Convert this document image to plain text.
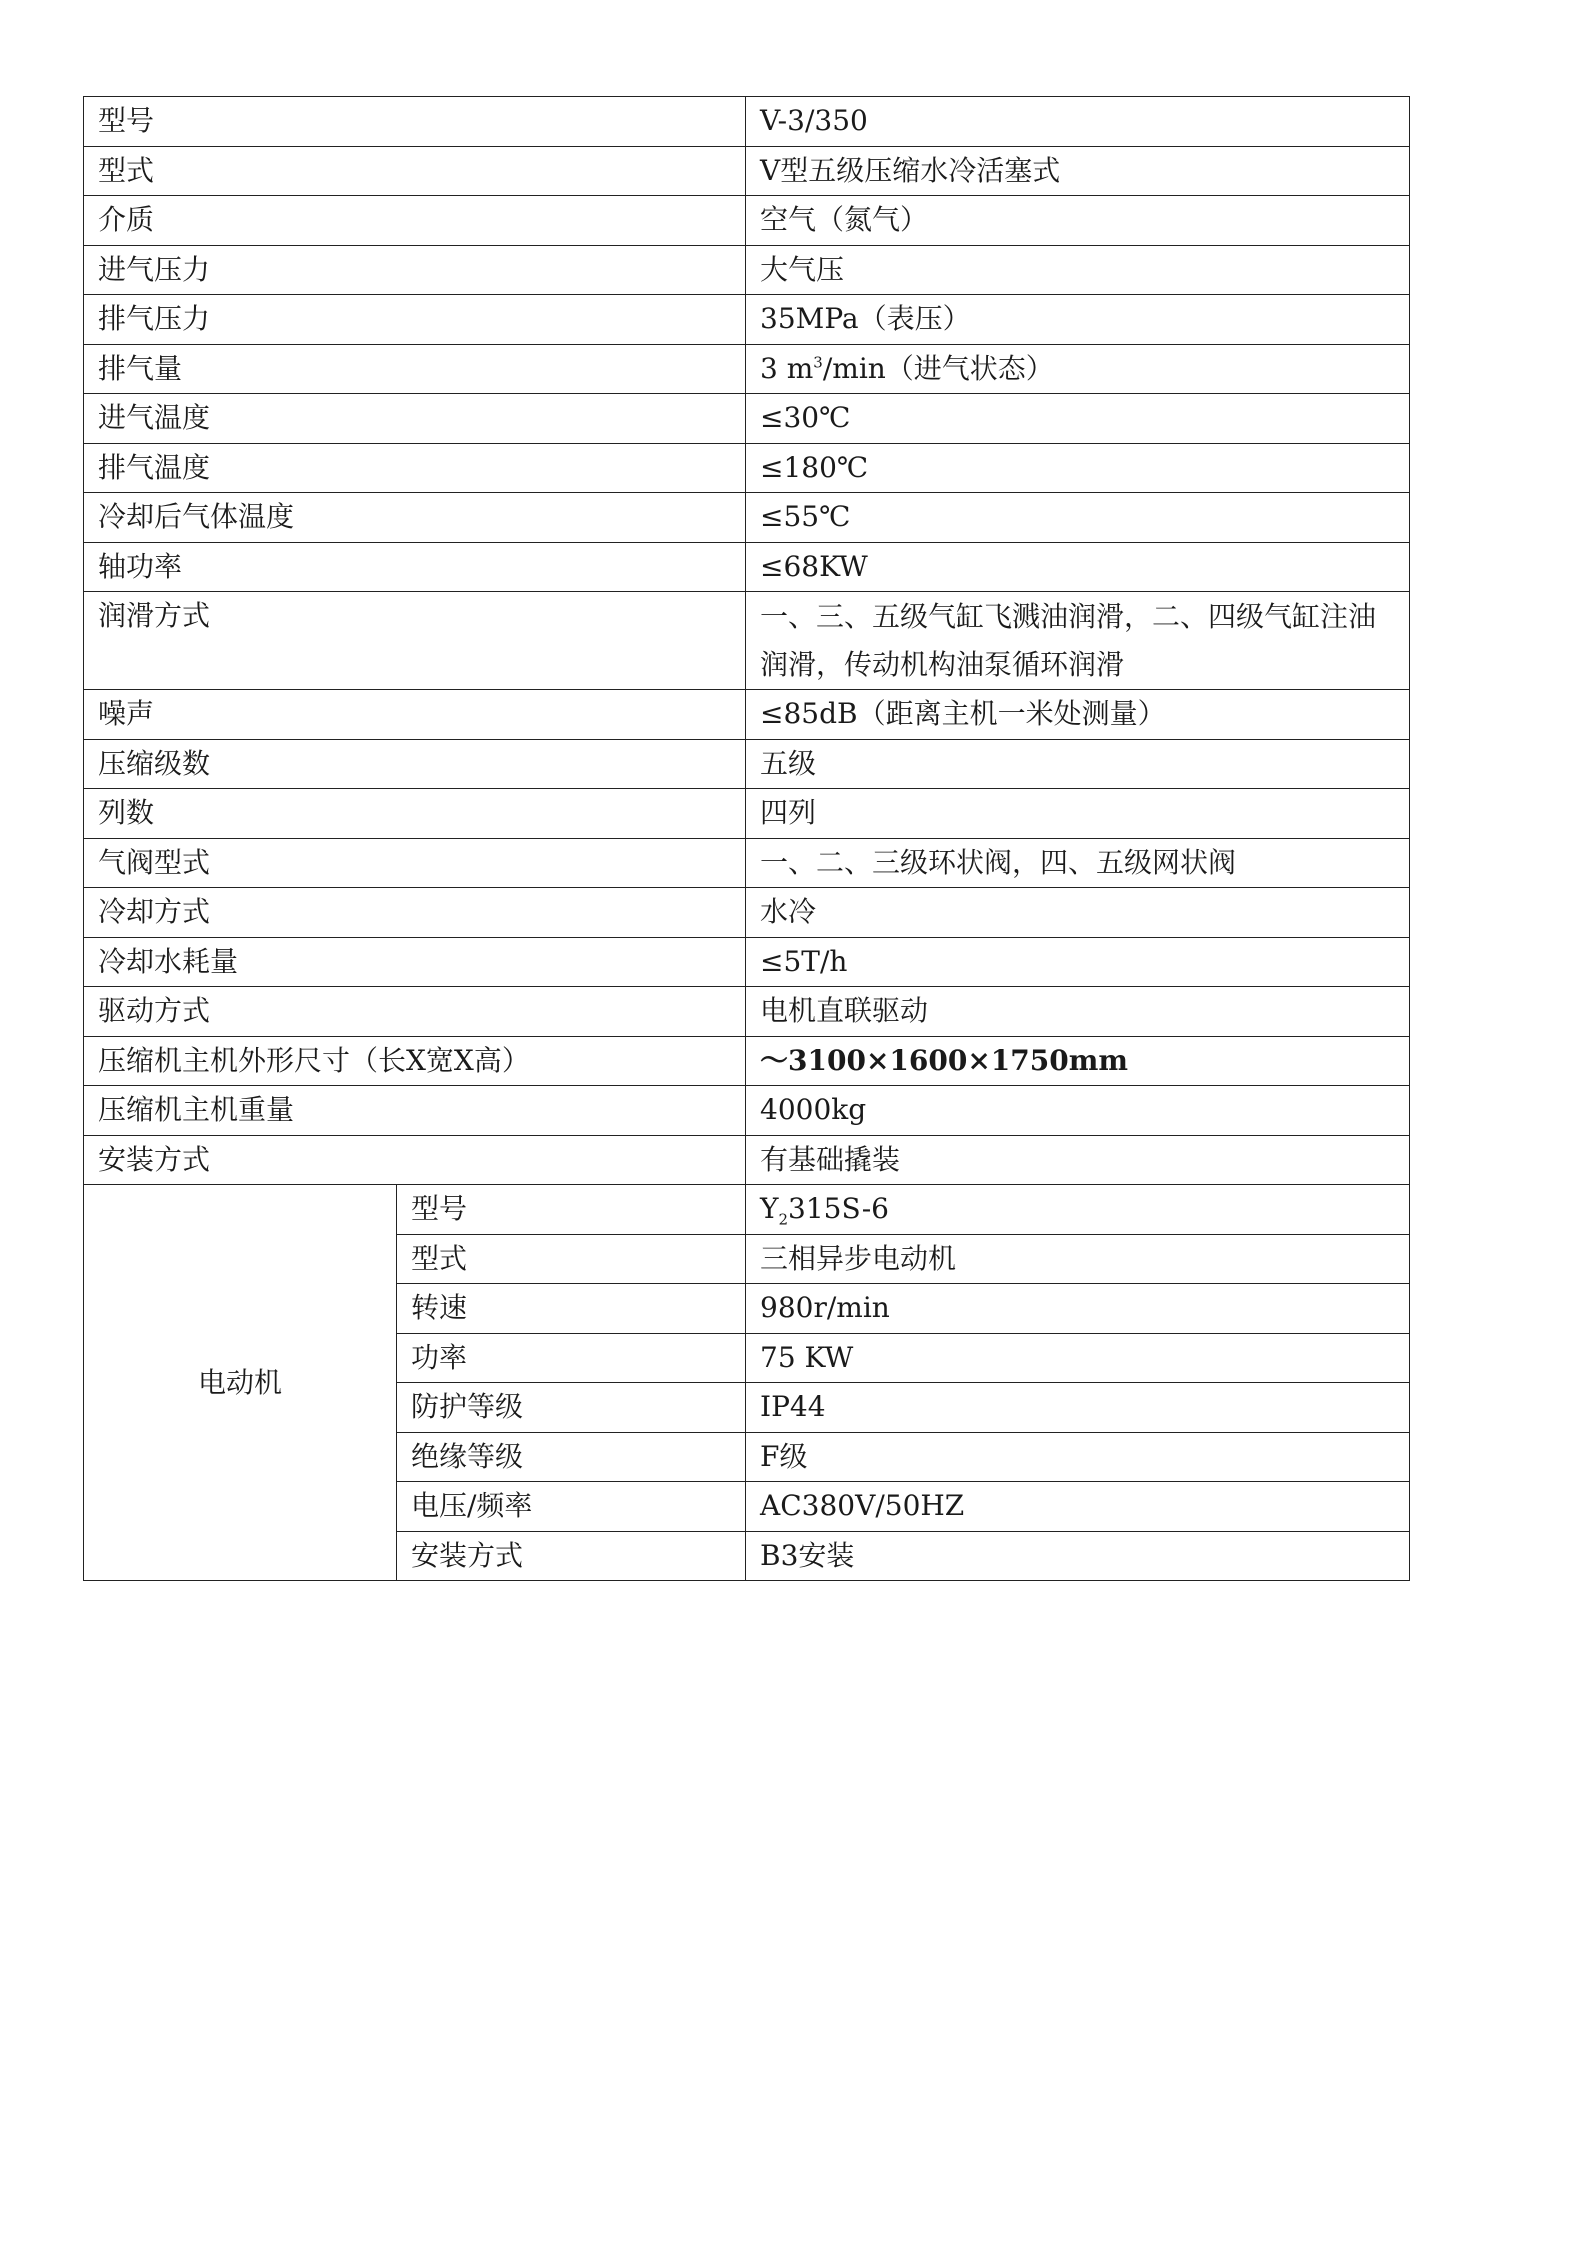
型号		V-3/350
型式		V型五级压缩水冷活塞式
介质		空气（氮气）
进气压力		大气压
排气压力		35MPa（表压）
排气量		3 $m^3/\min$（进气状态）
进气温度		≤30℃
排气温度		≤180℃
冷却后气体温度		≤55℃
轴功率		≤68KW
润滑方式		一、三、五级气缸飞溅油润滑，二、四级气缸注油润滑，传动机构油泵循环润滑
噪声		≤85dB（距离主机一米处测量）
压缩级数		五级
列数		四列
气阀型式		一、二、三级环状阀，四、五级网状阀
冷却方式		水冷
冷却水耗量		≤5T/h
驱动方式		电机直联驱动
压缩机主机外形尺寸（长X宽X高）		～3100×1600×1750mm
压缩机主机重量		4000kg
安装方式		有基础撬装
电动机	型号	$Y_2315S-6$
	型式	三相异步电动机
	转速	980r/min
	功率	75 KW
	防护等级	IP44
	绝缘等级	F级
	电压/频率	AC380V/50HZ
	安装方式	B3安装
